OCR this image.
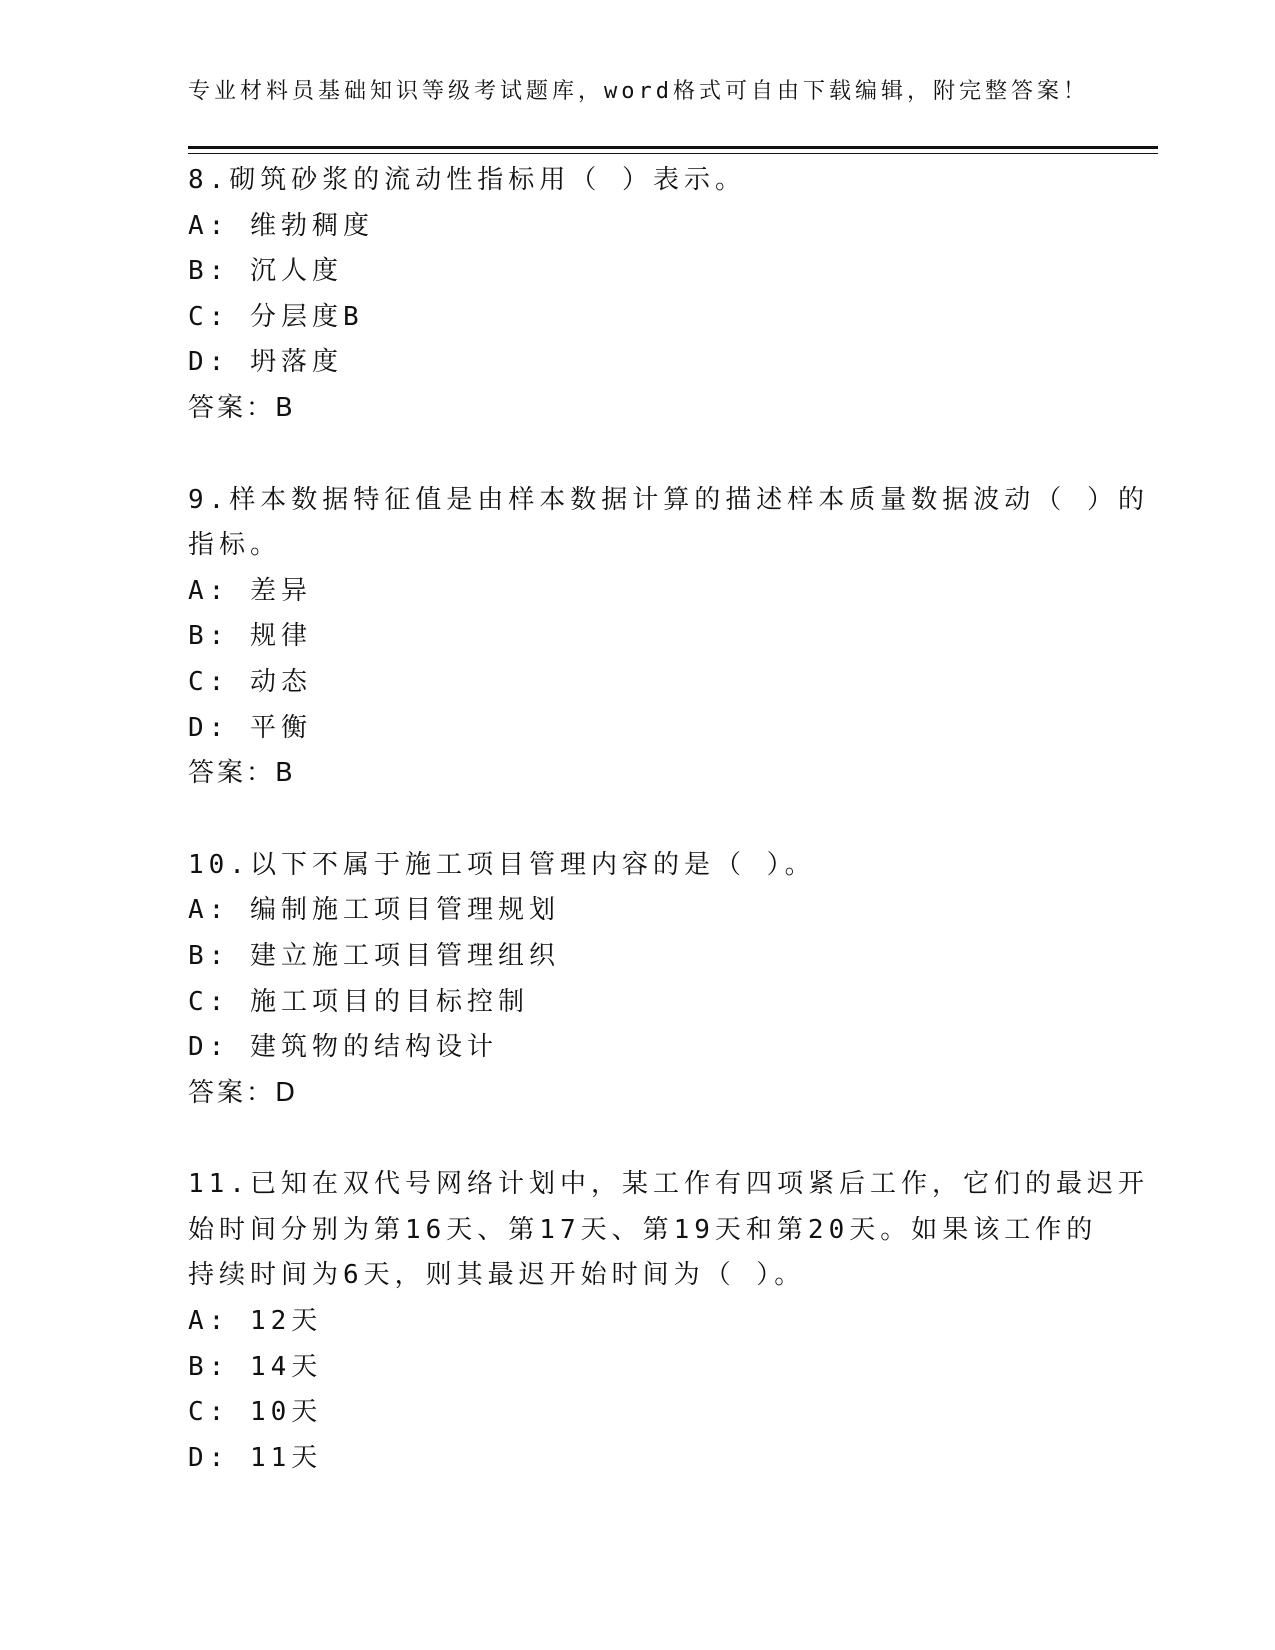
专业材料员基础知识等级考试题库，word格式可自由下载编辑，附完整答案！
8.砌筑砂浆的流动性指标用（ ）表示。
A: 维勃稠度
B: 沉人度
C: 分层度B
D: 坍落度
答案：B
9.样本数据特征值是由样本数据计算的描述样本质量数据波动（ ）的
指标。
A: 差异
B: 规律
C: 动态
D: 平衡
答案：B
10.以下不属于施工项目管理内容的是（ ）。
A: 编制施工项目管理规划
B: 建立施工项目管理组织
C: 施工项目的目标控制
D: 建筑物的结构设计
答案：D
11.已知在双代号网络计划中，某工作有四项紧后工作，它们的最迟开
始时间分别为第16天、第17天、第19天和第20天。如果该工作的
持续时间为6天，则其最迟开始时间为（ ）。
A: 12天
B: 14天
C: 10天
D: 11天
